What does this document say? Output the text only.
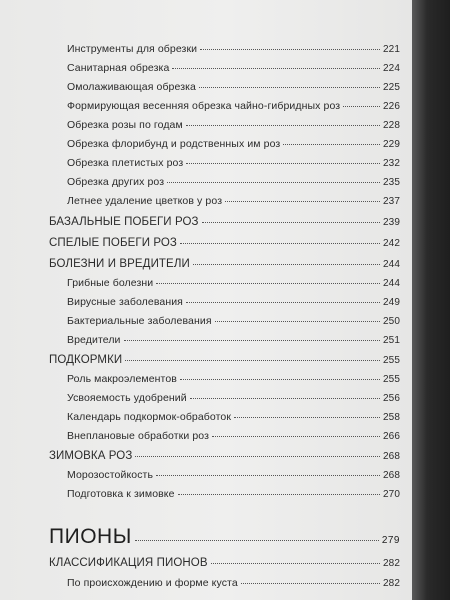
Инструменты для обрезки	221
Санитарная обрезка	224
Омолаживающая обрезка	225
Формирующая весенняя обрезка чайно-гибридных роз	226
Обрезка розы по годам	228
Обрезка флорибунд и родственных им роз	229
Обрезка плетистых роз	232
Обрезка других роз	235
Летнее удаление цветков у роз	237
БАЗАЛЬНЫЕ ПОБЕГИ РОЗ	239
СПЕЛЫЕ ПОБЕГИ РОЗ	242
БОЛЕЗНИ И ВРЕДИТЕЛИ	244
Грибные болезни	244
Вирусные заболевания	249
Бактериальные заболевания	250
Вредители	251
ПОДКОРМКИ	255
Роль макроэлементов	255
Усвояемость удобрений	256
Календарь подкормок-обработок	258
Внеплановые обработки роз	266
ЗИМОВКА РОЗ	268
Морозостойкость	268
Подготовка к зимовке	270
ПИОНЫ	279
КЛАССИФИКАЦИЯ ПИОНОВ	282
По происхождению и форме куста	282
